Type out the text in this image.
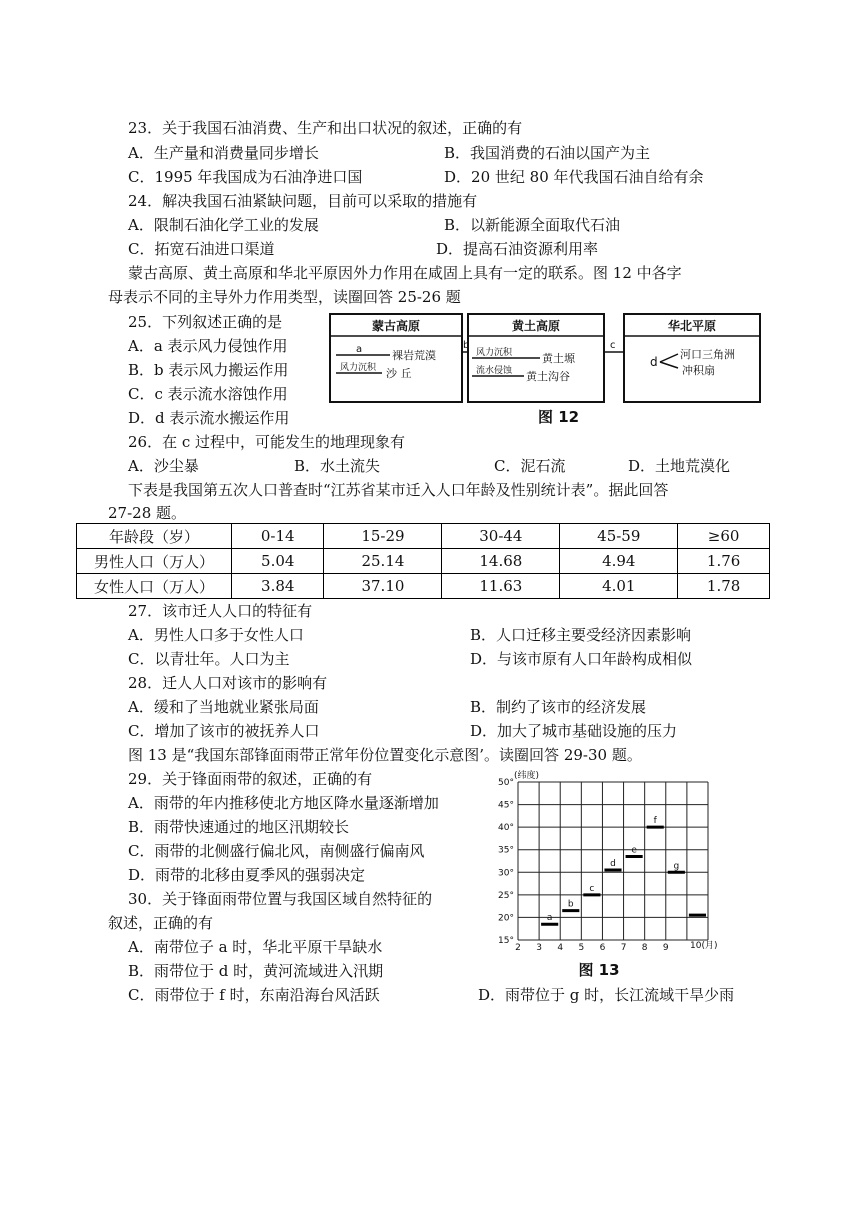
23．关于我国石油消费、生产和出口状况的叙述，正确的有
A．生产量和消费量同步增长	B．我国消费的石油以国产为主
C．1995 年我国成为石油净进口国	D．20 世纪 80 年代我国石油自给有余
24．解决我国石油紧缺问题，目前可以采取的措施有
A．限制石油化学工业的发展	B．以新能源全面取代石油
C．拓宽石油进口渠道	D．提高石油资源利用率
蒙古高原、黄土高原和华北平原因外力作用在咸固上具有一定的联系。图 12 中各字
母表示不同的主导外力作用类型，读圈回答 25-26 题
25．下列叙述正确的是
A．a 表示风力侵蚀作用
B．b 表示风力搬运作用
C．c 表示流水溶蚀作用
D．d 表示流水搬运作用
蒙古高原
a	裸岩荒漠
风力沉积 沙 丘
b
黄土高原
风力沉积	黄土塬
流水侵蚀 黄土沟谷
c
华北平原
d
河口三角洲
冲积扇
图 12
26．在 c 过程中，可能发生的地理现象有
A．沙尘暴	B．水土流失	C．泥石流	D．土地荒漠化
下表是我国第五次人口普查时“江苏省某市迁入人口年龄及性别统计表”。据此回答
27-28 题。
年龄段（岁）	0-14	15-29	30-44	45-59	≥60
男性人口（万人）	5.04	25.14	14.68	4.94	1.76
女性人口（万人）	3.84	37.10	11.63	4.01	1.78
27．该市迁人人口的特征有
A．男性人口多于女性人口	B．人口迁移主要受经济因素影响
C．以青壮年。人口为主	D．与该市原有人口年龄构成相似
28．迁人人口对该市的影响有
A．缓和了当地就业紧张局面	B．制约了该市的经济发展
C．增加了该市的被抚养人口	D．加大了城市基础设施的压力
图 13 是“我国东部锋面雨带正常年份位置变化示意图’。读圈回答 29-30 题。
29．关于锋面雨带的叙述，正确的有
A．雨带的年内推移使北方地区降水量逐渐增加
B．雨带快速通过的地区汛期较长
C．雨带的北侧盛行偏北风，南侧盛行偏南风
D．雨带的北移由夏季风的强弱决定
30．关于锋面雨带位置与我国区域自然特征的
叙述，正确的有
A．南带位子 a 时，华北平原干旱缺水
B．雨带位于 d 时，黄河流域进入汛期
C．雨带位于 f 时，东南沿海台风活跃	D．雨带位于 g 时，长江流域干旱少雨
50°
45°
40°
35°
30°
25°
20°
15°
2 3 4 5 6 7 8 9
a
b
c
d
e
f
g
(纬度)
10(月)
图 13
